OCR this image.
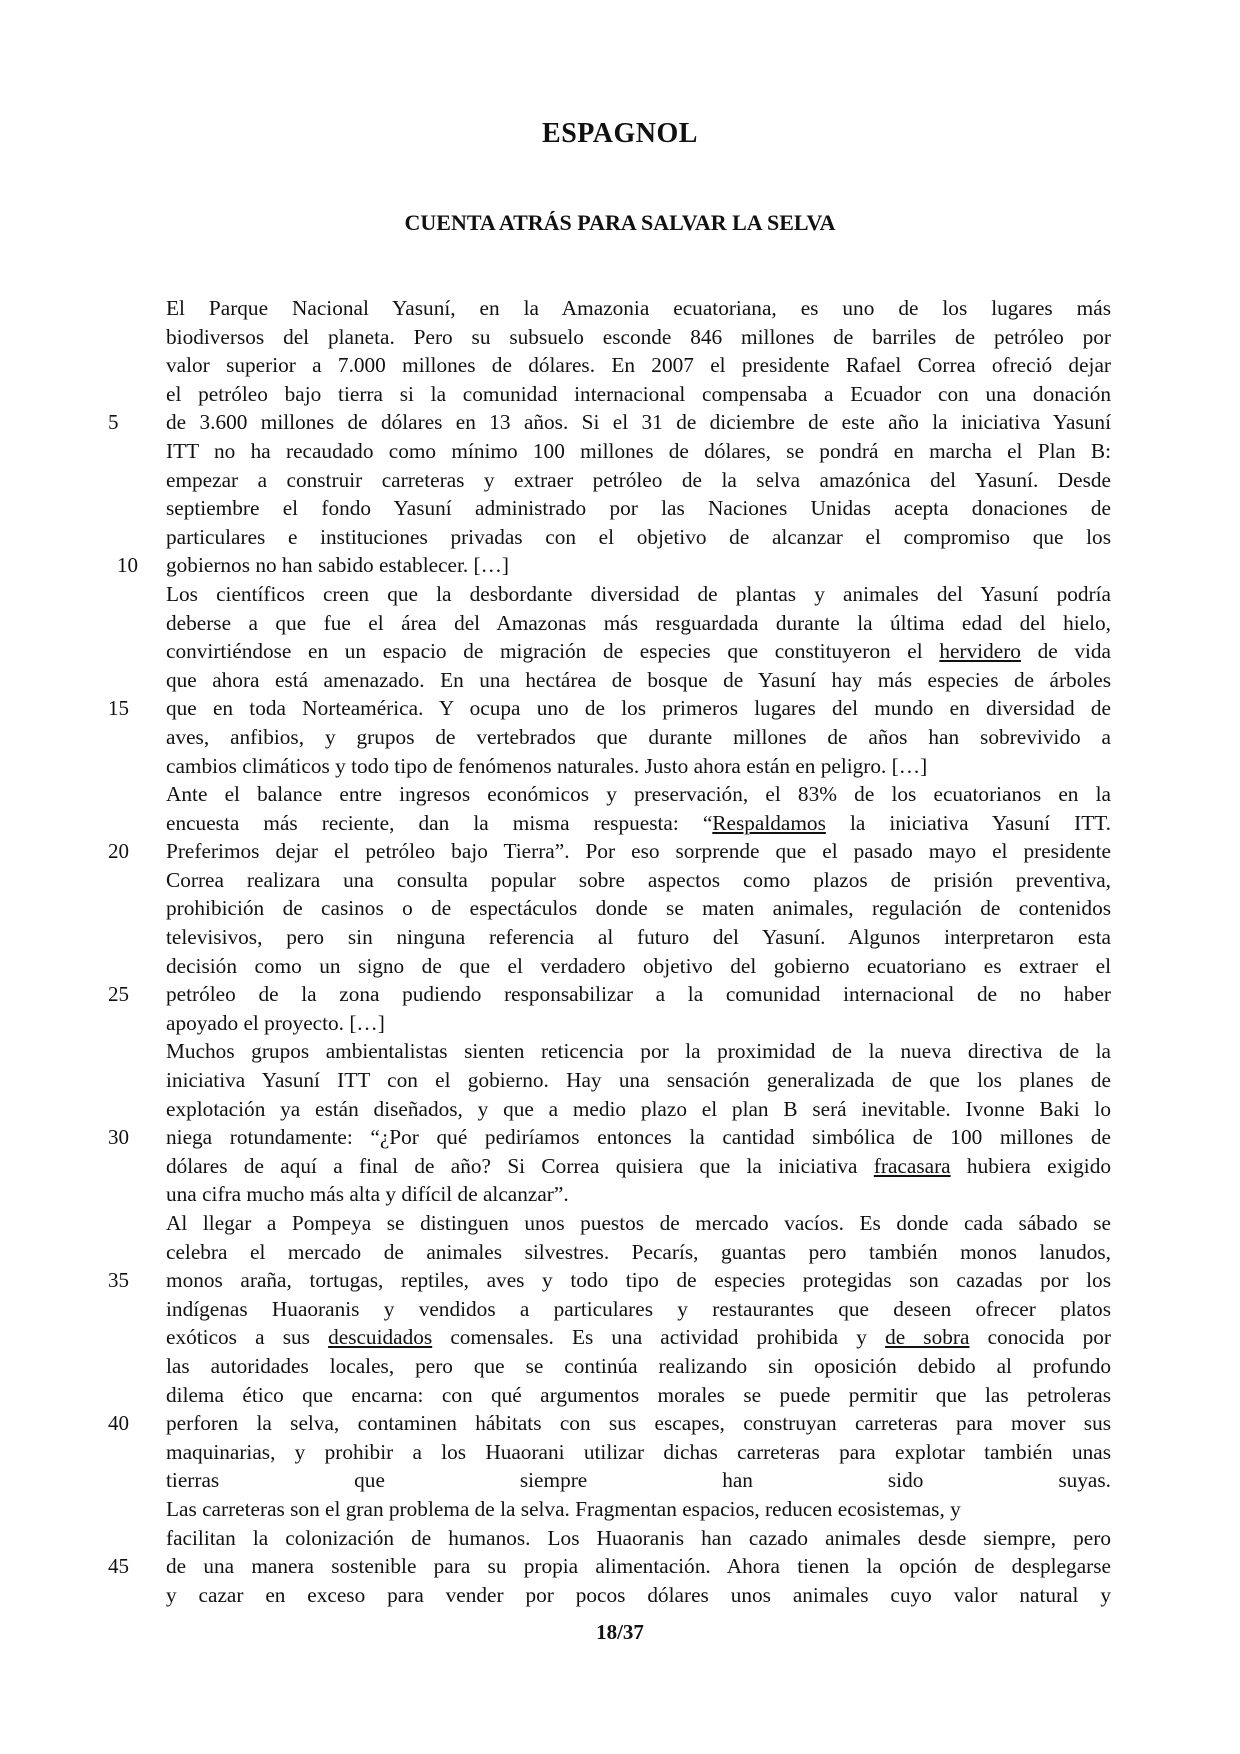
ESPAGNOL
CUENTA ATRÁS PARA SALVAR LA SELVA
El Parque Nacional Yasuní, en la Amazonia ecuatoriana, es uno de los lugares más
biodiversos del planeta. Pero su subsuelo esconde 846 millones de barriles de petróleo por
valor superior a 7.000 millones de dólares. En 2007 el presidente Rafael Correa ofreció dejar
el petróleo bajo tierra si la comunidad internacional compensaba a Ecuador con una donación
de 3.600 millones de dólares en 13 años. Si el 31 de diciembre de este año la iniciativa Yasuní
5
ITT no ha recaudado como mínimo 100 millones de dólares, se pondrá en marcha el Plan B:
empezar a construir carreteras y extraer petróleo de la selva amazónica del Yasuní. Desde
septiembre el fondo Yasuní administrado por las Naciones Unidas acepta donaciones de
particulares e instituciones privadas con el objetivo de alcanzar el compromiso que los
gobiernos no han sabido establecer. […]
10
Los científicos creen que la desbordante diversidad de plantas y animales del Yasuní podría
deberse a que fue el área del Amazonas más resguardada durante la última edad del hielo,
convirtiéndose en un espacio de migración de especies que constituyeron el hervidero de vida
que ahora está amenazado. En una hectárea de bosque de Yasuní hay más especies de árboles
que en toda Norteamérica. Y ocupa uno de los primeros lugares del mundo en diversidad de
15
aves, anfibios, y grupos de vertebrados que durante millones de años han sobrevivido a
cambios climáticos y todo tipo de fenómenos naturales. Justo ahora están en peligro. […]
Ante el balance entre ingresos económicos y preservación, el 83% de los ecuatorianos en la
encuesta más reciente, dan la misma respuesta: “Respaldamos la iniciativa Yasuní ITT.
Preferimos dejar el petróleo bajo Tierra”. Por eso sorprende que el pasado mayo el presidente
20
Correa realizara una consulta popular sobre aspectos como plazos de prisión preventiva,
prohibición de casinos o de espectáculos donde se maten animales, regulación de contenidos
televisivos, pero sin ninguna referencia al futuro del Yasuní. Algunos interpretaron esta
decisión como un signo de que el verdadero objetivo del gobierno ecuatoriano es extraer el
petróleo de la zona pudiendo responsabilizar a la comunidad internacional de no haber
25
apoyado el proyecto. […]
Muchos grupos ambientalistas sienten reticencia por la proximidad de la nueva directiva de la
iniciativa Yasuní ITT con el gobierno. Hay una sensación generalizada de que los planes de
explotación ya están diseñados, y que a medio plazo el plan B será inevitable. Ivonne Baki lo
niega rotundamente: “¿Por qué pediríamos entonces la cantidad simbólica de 100 millones de
30
dólares de aquí a final de año? Si Correa quisiera que la iniciativa fracasara hubiera exigido
una cifra mucho más alta y difícil de alcanzar”.
Al llegar a Pompeya se distinguen unos puestos de mercado vacíos. Es donde cada sábado se
celebra el mercado de animales silvestres. Pecarís, guantas pero también monos lanudos,
monos araña, tortugas, reptiles, aves y todo tipo de especies protegidas son cazadas por los
35
indígenas Huaoranis y vendidos a particulares y restaurantes que deseen ofrecer platos
exóticos a sus descuidados comensales. Es una actividad prohibida y de sobra conocida por
las autoridades locales, pero que se continúa realizando sin oposición debido al profundo
dilema ético que encarna: con qué argumentos morales se puede permitir que las petroleras
perforen la selva, contaminen hábitats con sus escapes, construyan carreteras para mover sus
40
maquinarias, y prohibir a los Huaorani utilizar dichas carreteras para explotar también unas
tierras que siempre han sido suyas.
Las carreteras son el gran problema de la selva. Fragmentan espacios, reducen ecosistemas, y
facilitan la colonización de humanos. Los Huaoranis han cazado animales desde siempre, pero
de una manera sostenible para su propia alimentación. Ahora tienen la opción de desplegarse
45
y cazar en exceso para vender por pocos dólares unos animales cuyo valor natural y
18/37
